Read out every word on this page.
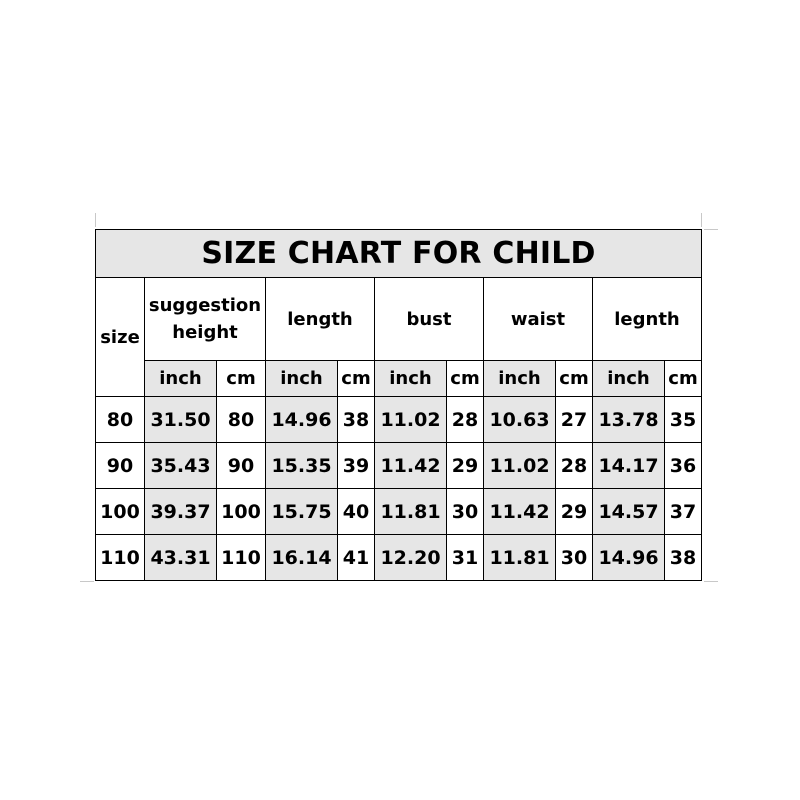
SIZE CHART FOR CHILD										
size	suggestion height		length		bust		waist		legnth	
	inch	cm	inch	cm	inch	cm	inch	cm	inch	cm
80	31.50	80	14.96	38	11.02	28	10.63	27	13.78	35
90	35.43	90	15.35	39	11.42	29	11.02	28	14.17	36
100	39.37	100	15.75	40	11.81	30	11.42	29	14.57	37
110	43.31	110	16.14	41	12.20	31	11.81	30	14.96	38
